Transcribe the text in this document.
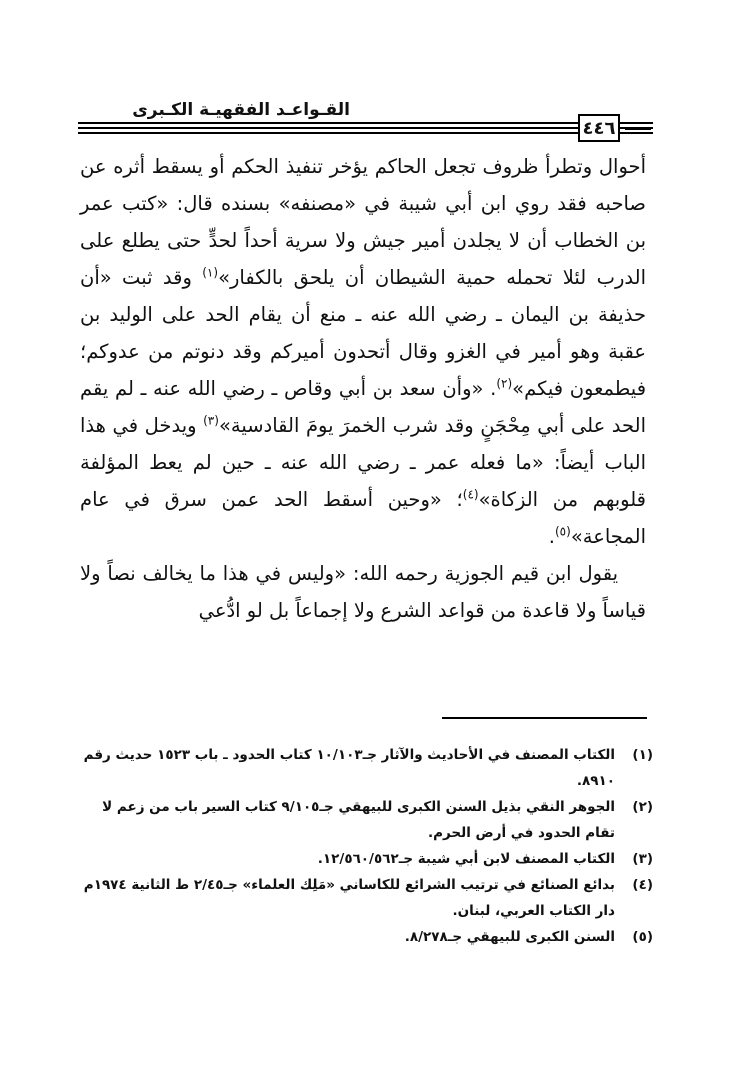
القـواعـد الفقهيـة الكـبرى
٤٤٦

أحوال وتطرأ ظروف تجعل الحاكم يؤخر تنفيذ الحكم أو يسقط أثره عن صاحبه فقد روي ابن أبي شيبة في «مصنفه» بسنده قال: «كتب عمر بن الخطاب أن لا يجلدن أمير جيش ولا سرية أحداً لحدٍّ حتى يطلع على الدرب لئلا تحمله حمية الشيطان أن يلحق بالكفار»$^{(١)}$ وقد ثبت «أن حذيفة بن اليمان ـ رضي الله عنه ـ منع أن يقام الحد على الوليد بن عقبة وهو أمير في الغزو وقال أتحدون أميركم وقد دنوتم من عدوكم؛ فيطمعون فيكم»$^{(٢)}$. «وأن سعد بن أبي وقاص ـ رضي الله عنه ـ لم يقم الحد على أبي مِحْجَنٍ وقد شرب الخمرَ يومَ القادسية»$^{(٣)}$ ويدخل في هذا الباب أيضاً: «ما فعله عمر ـ رضي الله عنه ـ حين لم يعط المؤلفة قلوبهم من الزكاة»$^{(٤)}$؛ «وحين أسقط الحد عمن سرق في عام المجاعة»$^{(٥)}$.

يقول ابن قيم الجوزية رحمه الله: «وليس في هذا ما يخالف نصاً ولا قياساً ولا قاعدة من قواعد الشرع ولا إجماعاً بل لو ادُّعي

(١)
الكتاب المصنف في الأحاديث والآثار جـ١٠/١٠٣ كتاب الحدود ـ باب ١٥٢٣ حديث رقم ٨٩١٠.
(٢)
الجوهر النقي بذيل السنن الكبرى للبيهقي جـ٩/١٠٥ كتاب السير باب من زعم لا تقام الحدود في أرض الحرم.
(٣)
الكتاب المصنف لابن أبي شيبة جـ١٢/٥٦٠/٥٦٢.
(٤)
بدائع الصنائع في ترتيب الشرائع للكاساني «مَلِك العلماء» جـ٢/٤٥ ط الثانية ١٩٧٤م دار الكتاب العربي، لبنان.
(٥)
السنن الكبرى للبيهقي جـ٨/٢٧٨.
